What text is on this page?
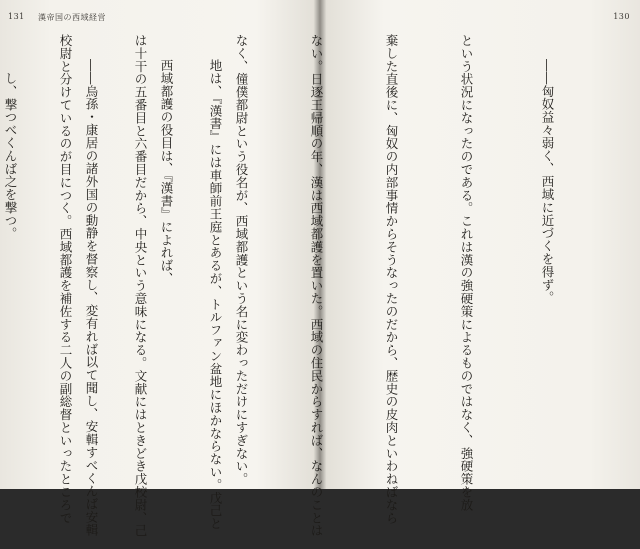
131 漢帝国の西域経営

地は、『漢書』には車師前王庭とあるが、トルファン盆地にほかならない。戊己と

は十干の五番目と六番目だから、中央という意味になる。文献にはときどき戊校尉、己

校尉と分けているのが目につく。西域都護を補佐する二人の副総督といったところで

130

――匈奴益々弱く、西域に近づくを得ず。

という状況になったのである。これは漢の強硬策によるものではなく、強硬策を放

棄した直後に、匈奴の内部事情からそうなったのだから、歴史の皮肉といわねばなら

ない。日逐王帰順の年、漢は西域都護を置いた。西域の住民からすれば、なんのことは

なく、僮僕都尉という役名が、西域都護という名に変わっただけにすぎない。

西域都護の役目は、『漢書』によれば、

――烏孫・康居の諸外国の動静を督察し、変有れば以て聞し、安輯すべくんば安輯

し、撃つべくんば之を撃つ。
